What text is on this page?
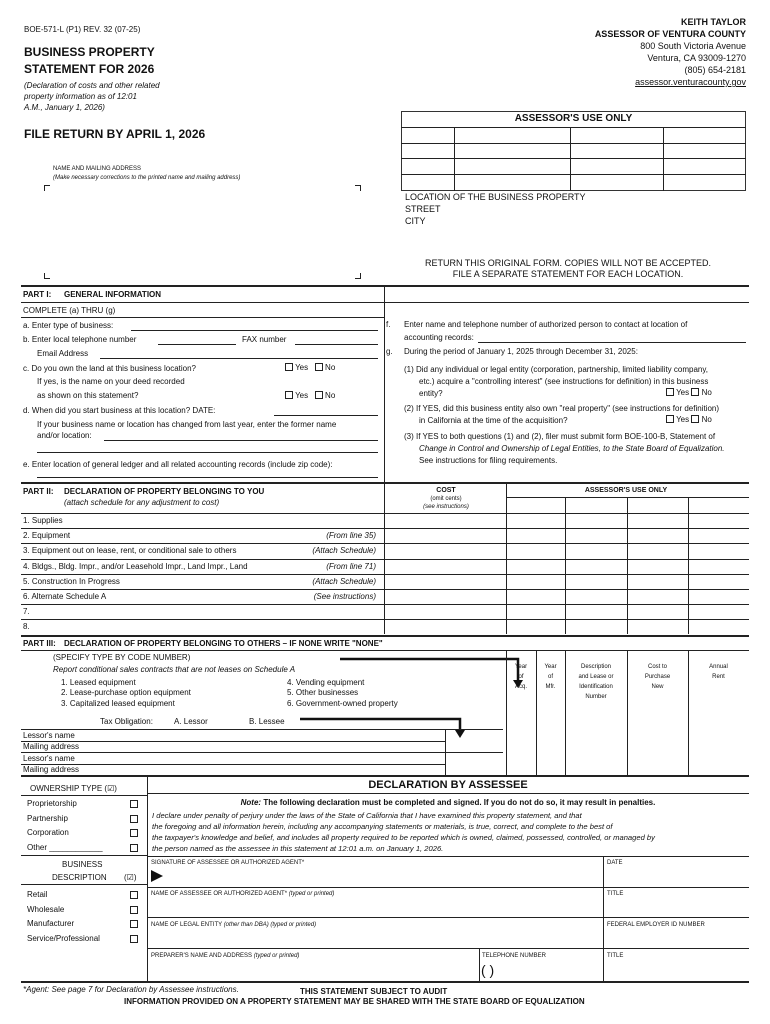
BOE-571-L (P1) REV. 32 (07-25)
BUSINESS PROPERTY
STATEMENT FOR 2026
(Declaration of costs and other related
property information as of 12:01
A.M., January 1, 2026)
FILE RETURN BY APRIL 1, 2026
KEITH TAYLOR
ASSESSOR OF VENTURA COUNTY
800 South Victoria Avenue
Ventura, CA 93009-1270
(805) 654-2181
assessor.venturacounty.gov
ASSESSOR'S USE ONLY
NAME AND MAILING ADDRESS
(Make necessary corrections to the printed name and mailing address)
LOCATION OF THE BUSINESS PROPERTY
STREET
CITY
RETURN THIS ORIGINAL FORM. COPIES WILL NOT BE ACCEPTED.
FILE A SEPARATE STATEMENT FOR EACH LOCATION.
PART I: GENERAL INFORMATION
COMPLETE (a) THRU (g)
a. Enter type of business:
b. Enter local telephone number	FAX number
Email Address
c. Do you own the land at this business location?	Yes No
If yes, is the name on your deed recorded
as shown on this statement?	Yes No
d. When did you start business at this location? DATE:
If your business name or location has changed from last year, enter the former name
and/or location:
e. Enter location of general ledger and all related accounting records (include zip code):
f. Enter name and telephone number of authorized person to contact at location of
accounting records:
g. During the period of January 1, 2025 through December 31, 2025:
(1) Did any individual or legal entity (corporation, partnership, limited liability company,
etc.) acquire a "controlling interest" (see instructions for definition) in this business
entity?	Yes No
(2) If YES, did this business entity also own "real property" (see instructions for definition)
in California at the time of the acquisition?	Yes No
(3) If YES to both questions (1) and (2), filer must submit form BOE-100-B, Statement of
Change in Control and Ownership of Legal Entities, to the State Board of Equalization.
See instructions for filing requirements.
PART II: DECLARATION OF PROPERTY BELONGING TO YOU
(attach schedule for any adjustment to cost)
COST
(omit cents)
(see instructions)
ASSESSOR'S USE ONLY
1. Supplies
2. Equipment	(From line 35)
3. Equipment out on lease, rent, or conditional sale to others	(Attach Schedule)
4. Bldgs., Bldg. Impr., and/or Leasehold Impr., Land Impr., Land	(From line 71)
5. Construction In Progress	(Attach Schedule)
6. Alternate Schedule A	(See instructions)
7.
8.
PART III: DECLARATION OF PROPERTY BELONGING TO OTHERS – IF NONE WRITE "NONE"
(SPECIFY TYPE BY CODE NUMBER)
Report conditional sales contracts that are not leases on Schedule A
1. Leased equipment
2. Lease-purchase option equipment
3. Capitalized leased equipment
4. Vending equipment
5. Other businesses
6. Government-owned property
Tax Obligation:	A. Lessor	B. Lessee
Lessor's name
Mailing address
Lessor's name
Mailing address
Year
of
Acq.
Year
of
Mfr.
Description
and Lease or
Identification
Number
Cost to
Purchase
New
Annual
Rent
OWNERSHIP TYPE (☑)
Proprietorship
Partnership
Corporation
Other ____________
BUSINESS
DESCRIPTION (☑)
Retail
Wholesale
Manufacturer
Service/Professional
DECLARATION BY ASSESSEE
Note: The following declaration must be completed and signed. If you do not do so, it may result in penalties.
I declare under penalty of perjury under the laws of the State of California that I have examined this property statement, and that
the foregoing and all information herein, including any accompanying statements or materials, is true, correct, and complete to the best of
the taxpayer's knowledge and belief, and includes all property required to be reported which is owned, claimed, possessed, controlled, or managed by
the person named as the assessee in this statement at 12:01 a.m. on January 1, 2026.
SIGNATURE OF ASSESSEE OR AUTHORIZED AGENT*	DATE
NAME OF ASSESSEE OR AUTHORIZED AGENT* (typed or printed)	TITLE
NAME OF LEGAL ENTITY (other than DBA) (typed or printed)	FEDERAL EMPLOYER ID NUMBER
PREPARER'S NAME AND ADDRESS (typed or printed)	TELEPHONE NUMBER
( )
TITLE
*Agent: See page 7 for Declaration by Assessee instructions.	THIS STATEMENT SUBJECT TO AUDIT
INFORMATION PROVIDED ON A PROPERTY STATEMENT MAY BE SHARED WITH THE STATE BOARD OF EQUALIZATION
